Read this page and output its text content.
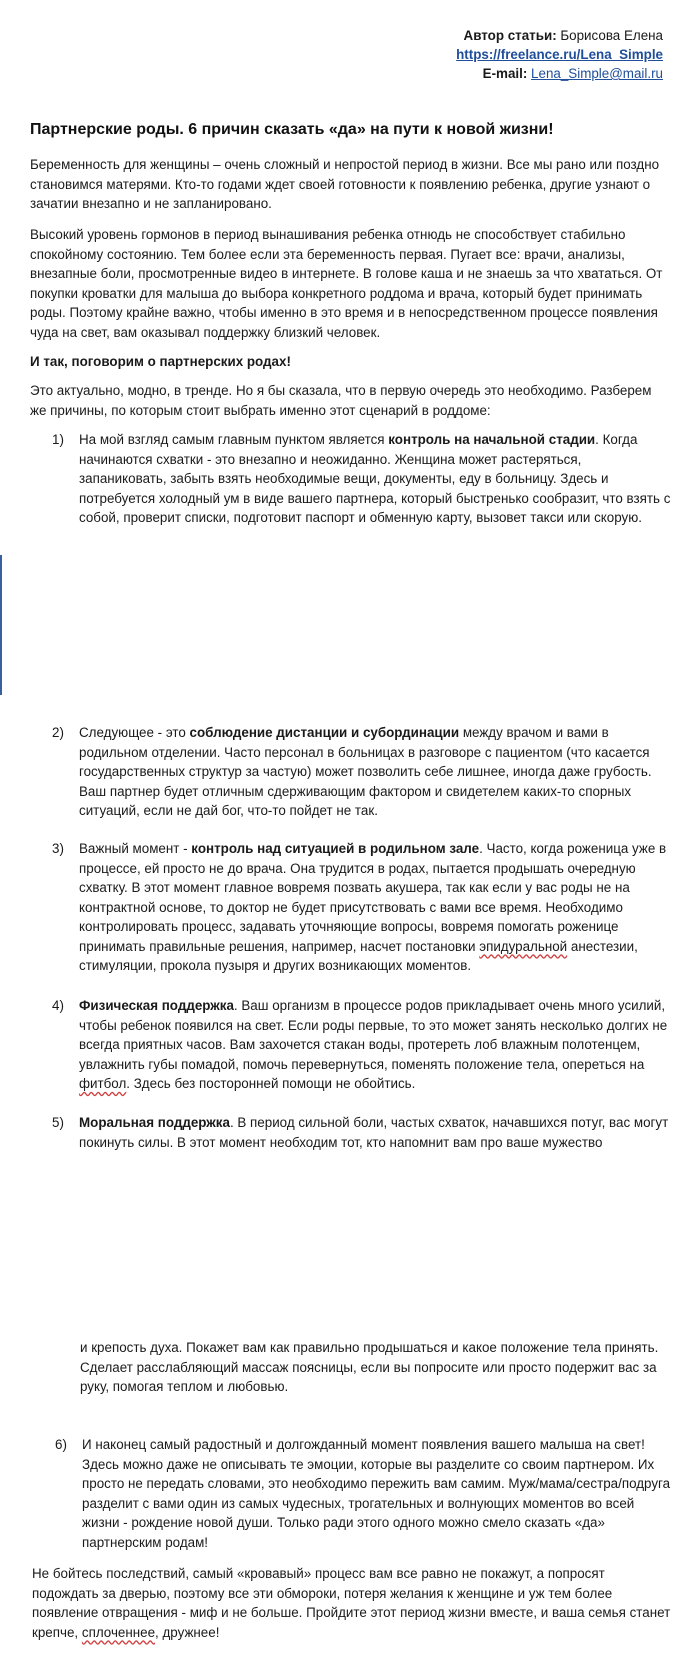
Автор статьи: Борисова Елена
https://freelance.ru/Lena_Simple
E-mail: Lena_Simple@mail.ru
Партнерские роды. 6 причин сказать «да» на пути к новой жизни!

Беременность для женщины – очень сложный и непростой период в жизни. Все мы рано или поздно становимся матерями. Кто-то годами ждет своей готовности к появлению ребенка, другие узнают о зачатии внезапно и не запланировано.

Высокий уровень гормонов в период вынашивания ребенка отнюдь не способствует стабильно спокойному состоянию. Тем более если эта беременность первая. Пугает все: врачи, анализы, внезапные боли, просмотренные видео в интернете. В голове каша и не знаешь за что хвататься. От покупки кроватки для малыша до выбора конкретного роддома и врача, который будет принимать роды. Поэтому крайне важно, чтобы именно в это время и в непосредственном процессе появления чуда на свет, вам оказывал поддержку близкий человек.

И так, поговорим о партнерских родах!

Это актуально, модно, в тренде. Но я бы сказала, что в первую очередь это необходимо. Разберем же причины, по которым стоит выбрать именно этот сценарий в роддоме:

1)	На мой взгляд самым главным пунктом является контроль на начальной стадии. Когда начинаются схватки - это внезапно и неожиданно. Женщина может растеряться, запаниковать, забыть взять необходимые вещи, документы, еду в больницу. Здесь и потребуется холодный ум в виде вашего партнера, который быстренько сообразит, что взять с собой, проверит списки, подготовит паспорт и обменную карту, вызовет такси или скорую.
2)	Следующее - это соблюдение дистанции и субординации между врачом и вами в родильном отделении. Часто персонал в больницах в разговоре с пациентом (что касается государственных структур за частую) может позволить себе лишнее, иногда даже грубость. Ваш партнер будет отличным сдерживающим фактором и свидетелем каких-то спорных ситуаций, если не дай бог, что-то пойдет не так.
3)	Важный момент - контроль над ситуацией в родильном зале. Часто, когда роженица уже в процессе, ей просто не до врача. Она трудится в родах, пытается продышать очередную схватку. В этот момент главное вовремя позвать акушера, так как если у вас роды не на контрактной основе, то доктор не будет присутствовать с вами все время. Необходимо контролировать процесс, задавать уточняющие вопросы, вовремя помогать роженице принимать правильные решения, например, насчет постановки эпидуральной анестезии, стимуляции, прокола пузыря и других возникающих моментов.
4)	Физическая поддержка. Ваш организм в процессе родов прикладывает очень много усилий, чтобы ребенок появился на свет. Если роды первые, то это может занять несколько долгих не всегда приятных часов. Вам захочется стакан воды, протереть лоб влажным полотенцем, увлажнить губы помадой, помочь перевернуться, поменять положение тела, опереться на фитбол. Здесь без посторонней помощи не обойтись.
5)	Моральная поддержка. В период сильной боли, частых схваток, начавшихся потуг, вас могут покинуть силы. В этот момент необходим тот, кто напомнит вам про ваше мужество
и крепость духа. Покажет вам как правильно продышаться и какое положение тела принять. Сделает расслабляющий массаж поясницы, если вы попросите или просто подержит вас за руку, помогая теплом и любовью.
6)	И наконец самый радостный и долгожданный момент появления вашего малыша на свет! Здесь можно даже не описывать те эмоции, которые вы разделите со своим партнером. Их просто не передать словами, это необходимо пережить вам самим. Муж/мама/сестра/подруга разделит с вами один из самых чудесных, трогательных и волнующих моментов во всей жизни - рождение новой души. Только ради этого одного можно смело сказать «да» партнерским родам!

Не бойтесь последствий, самый «кровавый» процесс вам все равно не покажут, а попросят подождать за дверью, поэтому все эти обмороки, потеря желания к женщине и уж тем более появление отвращения - миф и не больше. Пройдите этот период жизни вместе, и ваша семья станет крепче, сплоченнее, дружнее!
